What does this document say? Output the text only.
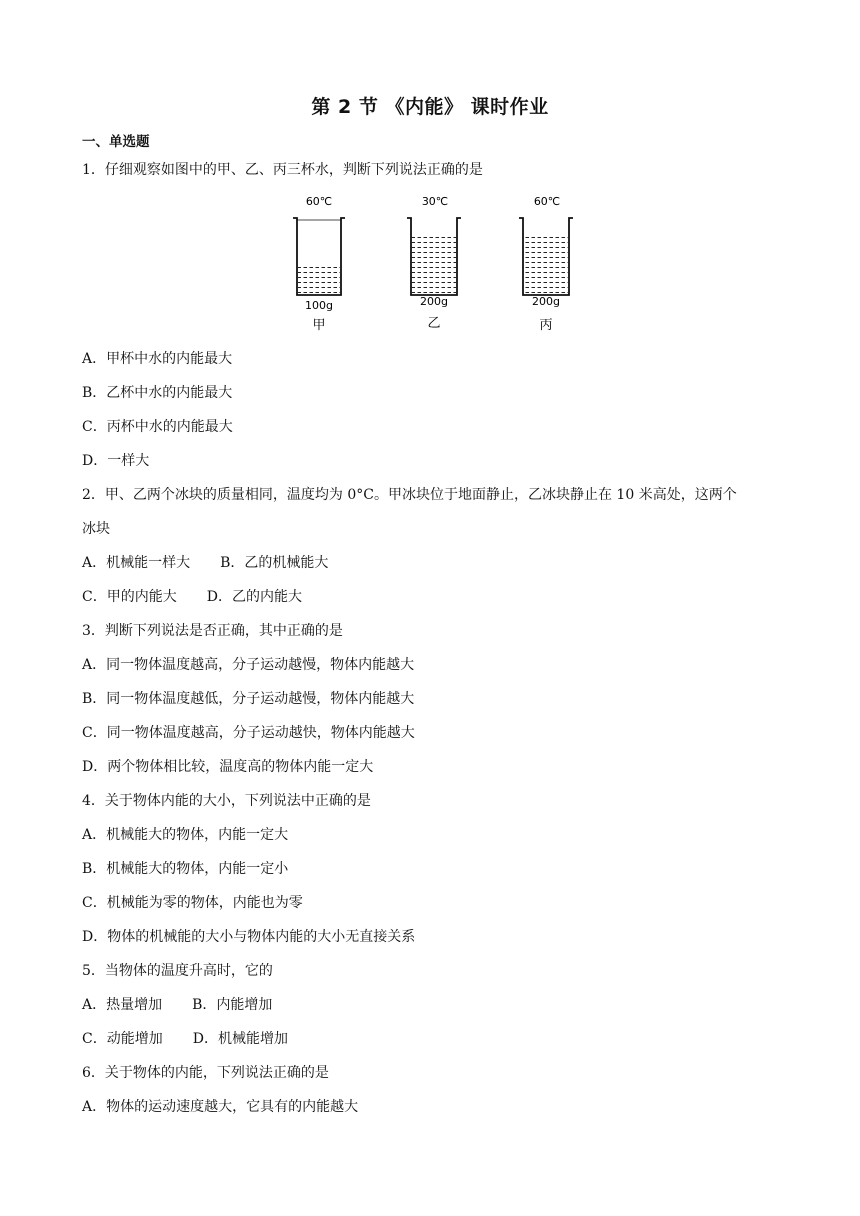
第 2 节 《内能》 课时作业
一、单选题
1．仔细观察如图中的甲、乙、丙三杯水，判断下列说法正确的是
60℃
100g
甲
30℃
200g
乙
60℃
200g
丙
A．甲杯中水的内能最大
B．乙杯中水的内能最大
C．丙杯中水的内能最大
D．一样大
2．甲、乙两个冰块的质量相同，温度均为 0°C。甲冰块位于地面静止，乙冰块静止在 10 米高处，这两个
冰块
A．机械能一样大 B．乙的机械能大
C．甲的内能大 D．乙的内能大
3．判断下列说法是否正确，其中正确的是
A．同一物体温度越高，分子运动越慢，物体内能越大
B．同一物体温度越低，分子运动越慢，物体内能越大
C．同一物体温度越高，分子运动越快，物体内能越大
D．两个物体相比较，温度高的物体内能一定大
4．关于物体内能的大小，下列说法中正确的是
A．机械能大的物体，内能一定大
B．机械能大的物体，内能一定小
C．机械能为零的物体，内能也为零
D．物体的机械能的大小与物体内能的大小无直接关系
5．当物体的温度升高时，它的
A．热量增加 B．内能增加
C．动能增加 D．机械能增加
6．关于物体的内能，下列说法正确的是
A．物体的运动速度越大，它具有的内能越大
